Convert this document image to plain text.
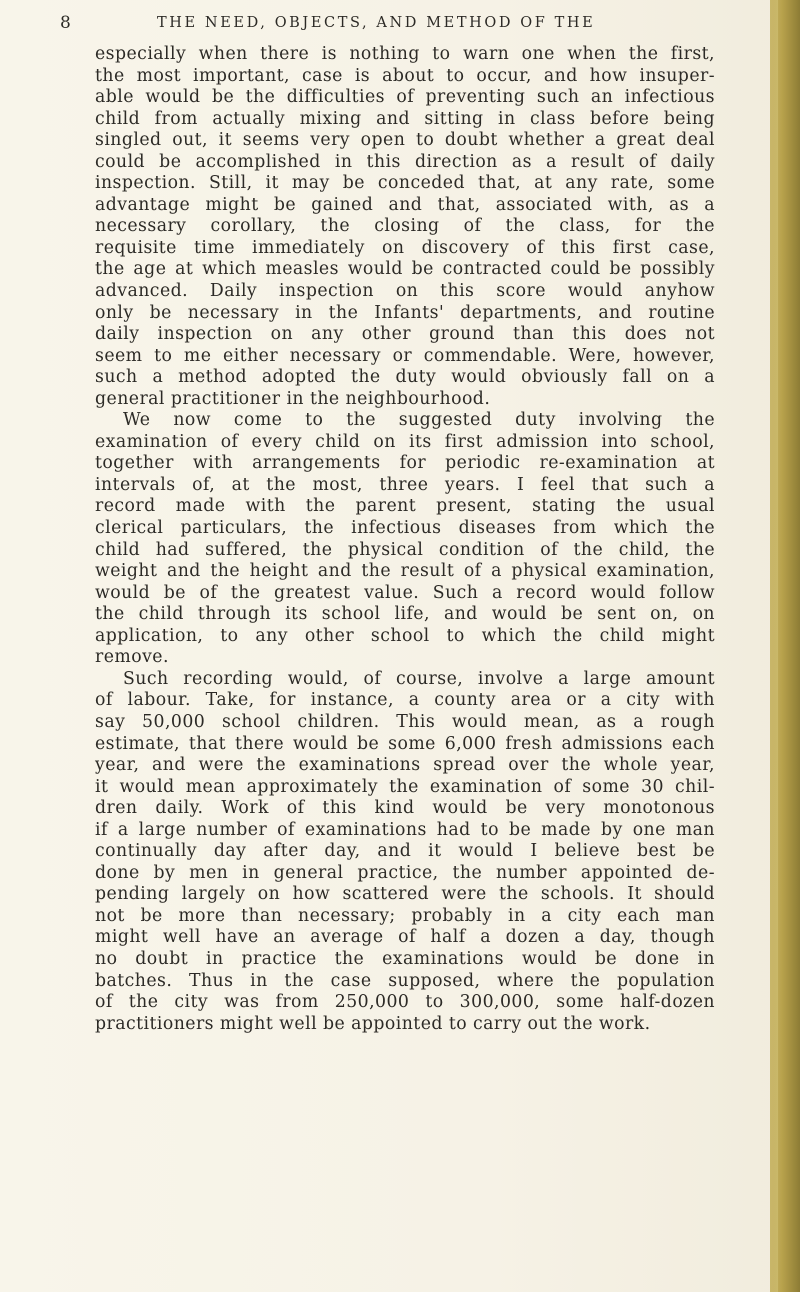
8	THE NEED, OBJECTS, AND METHOD OF THE
especially when there is nothing to warn one when the first,
the most important, case is about to occur, and how insuper-
able would be the difficulties of preventing such an infectious
child from actually mixing and sitting in class before being
singled out, it seems very open to doubt whether a great deal
could be accomplished in this direction as a result of daily
inspection. Still, it may be conceded that, at any rate, some
advantage might be gained and that, associated with, as a
necessary corollary, the closing of the class, for the
requisite time immediately on discovery of this first case,
the age at which measles would be contracted could be possibly
advanced. Daily inspection on this score would anyhow
only be necessary in the Infants' departments, and routine
daily inspection on any other ground than this does not
seem to me either necessary or commendable. Were, however,
such a method adopted the duty would obviously fall on a
general practitioner in the neighbourhood.
We now come to the suggested duty involving the
examination of every child on its first admission into school,
together with arrangements for periodic re-examination at
intervals of, at the most, three years. I feel that such a
record made with the parent present, stating the usual
clerical particulars, the infectious diseases from which the
child had suffered, the physical condition of the child, the
weight and the height and the result of a physical examination,
would be of the greatest value. Such a record would follow
the child through its school life, and would be sent on, on
application, to any other school to which the child might
remove.
Such recording would, of course, involve a large amount
of labour. Take, for instance, a county area or a city with
say 50,000 school children. This would mean, as a rough
estimate, that there would be some 6,000 fresh admissions each
year, and were the examinations spread over the whole year,
it would mean approximately the examination of some 30 chil-
dren daily. Work of this kind would be very monotonous
if a large number of examinations had to be made by one man
continually day after day, and it would I believe best be
done by men in general practice, the number appointed de-
pending largely on how scattered were the schools. It should
not be more than necessary; probably in a city each man
might well have an average of half a dozen a day, though
no doubt in practice the examinations would be done in
batches. Thus in the case supposed, where the population
of the city was from 250,000 to 300,000, some half-dozen
practitioners might well be appointed to carry out the work.
